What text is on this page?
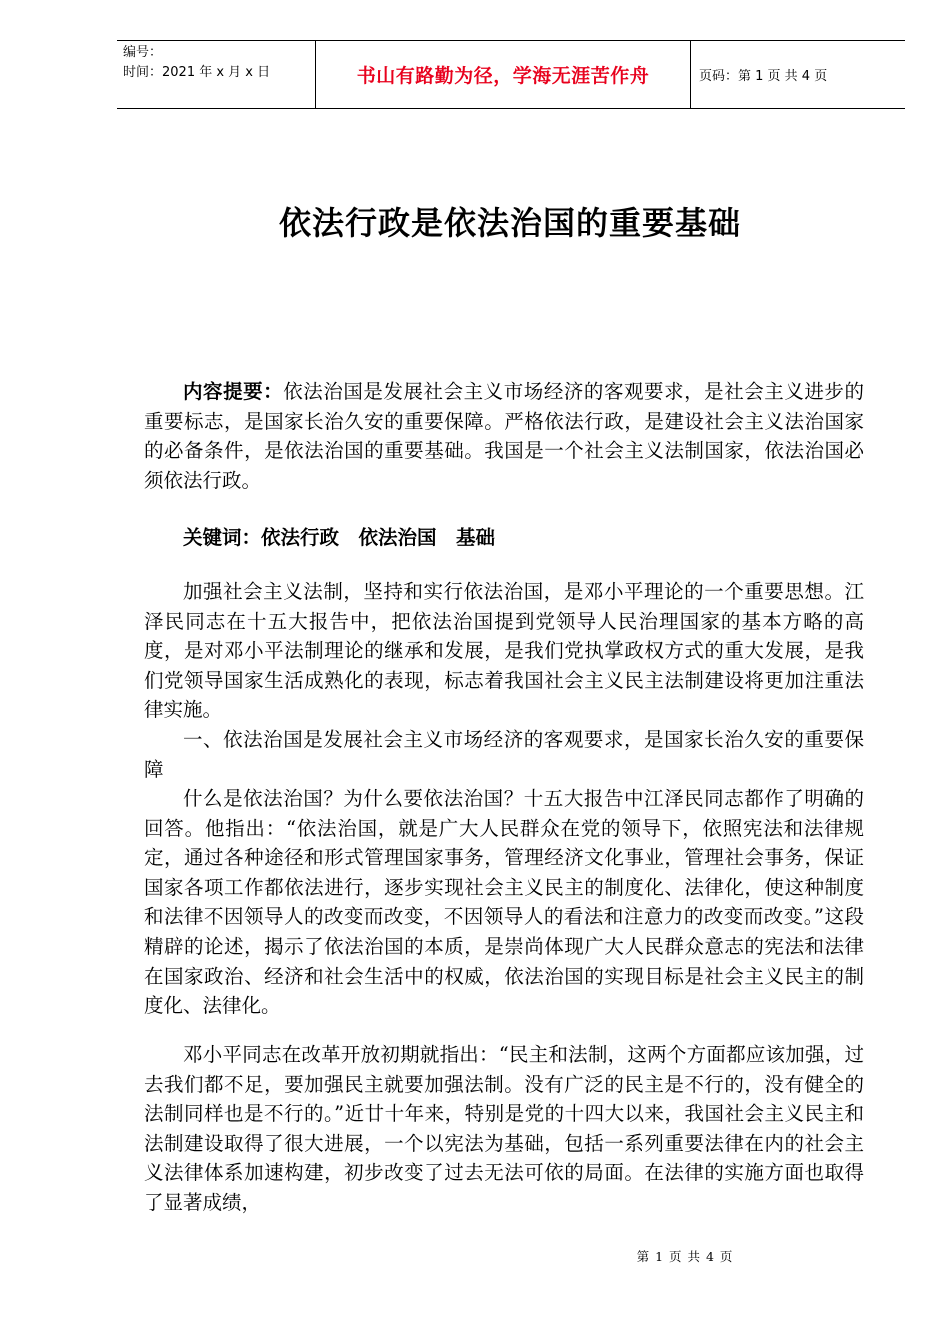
编号：
时间：2021 年 x 月 x 日	书山有路勤为径，学海无涯苦作舟	页码：第 1 页 共 4 页
依法行政是依法治国的重要基础

内容提要：依法治国是发展社会主义市场经济的客观要求，是社会主义进步的重要标志，是国家长治久安的重要保障。严格依法行政，是建设社会主义法治国家的必备条件，是依法治国的重要基础。我国是一个社会主义法制国家，依法治国必须依法行政。

关键词：依法行政　依法治国　基础

加强社会主义法制，坚持和实行依法治国，是邓小平理论的一个重要思想。江泽民同志在十五大报告中，把依法治国提到党领导人民治理国家的基本方略的高度，是对邓小平法制理论的继承和发展，是我们党执掌政权方式的重大发展，是我们党领导国家生活成熟化的表现，标志着我国社会主义民主法制建设将更加注重法律实施。

一、依法治国是发展社会主义市场经济的客观要求，是国家长治久安的重要保障

什么是依法治国？为什么要依法治国？十五大报告中江泽民同志都作了明确的回答。他指出：“依法治国，就是广大人民群众在党的领导下，依照宪法和法律规定，通过各种途径和形式管理国家事务，管理经济文化事业，管理社会事务，保证国家各项工作都依法进行，逐步实现社会主义民主的制度化、法律化，使这种制度和法律不因领导人的改变而改变，不因领导人的看法和注意力的改变而改变。”这段精辟的论述，揭示了依法治国的本质，是崇尚体现广大人民群众意志的宪法和法律在国家政治、经济和社会生活中的权威，依法治国的实现目标是社会主义民主的制度化、法律化。

邓小平同志在改革开放初期就指出：“民主和法制，这两个方面都应该加强，过去我们都不足，要加强民主就要加强法制。没有广泛的民主是不行的，没有健全的法制同样也是不行的。”近廿十年来，特别是党的十四大以来，我国社会主义民主和法制建设取得了很大进展，一个以宪法为基础，包括一系列重要法律在内的社会主义法律体系加速构建，初步改变了过去无法可依的局面。在法律的实施方面也取得了显著成绩，

第 1 页 共 4 页
